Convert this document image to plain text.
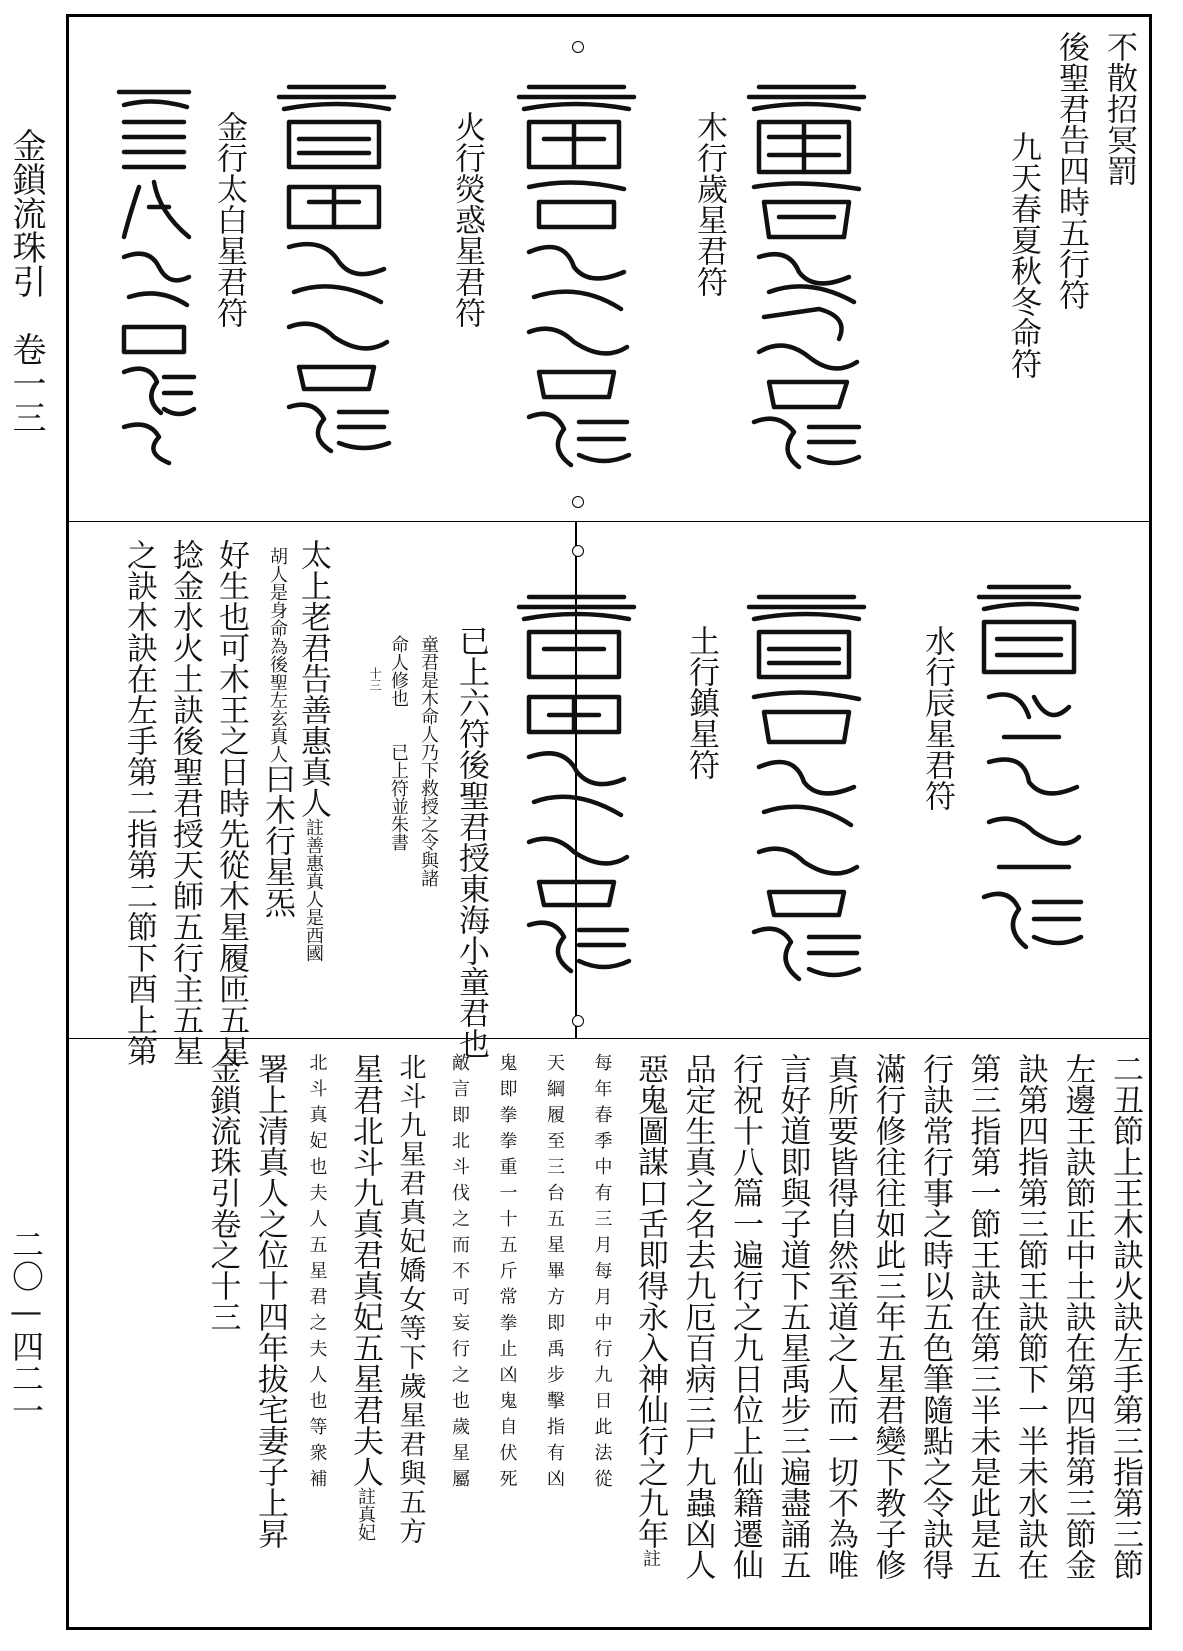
金鎖流珠引　卷一三
二〇—四二一
不散招冥罰
後聖君告四時五行符
九天春夏秋冬命符
木行歲星君符
火行熒惑星君符
金行太白星君符
水行辰星君符
土行鎮星符
已上六符後聖君授東海小童君也
童君是木命人乃下救授之令與諸
命人修也　　已上符並朱書
十三
太上老君告善惠真人註善惠真人是西國
胡人是身命為後聖左玄真人曰木行星炁
好生也可木王之日時先從木星履匝五星
捻金水火土訣後聖君授天師五行主五星
之訣木訣在左手第二指第二節下酉上第
二丑節上王木訣火訣左手第三指第三節
左邊王訣節正中土訣在第四指第三節金
訣第四指第三節王訣節下一半未水訣在
第三指第一節王訣在第三半未是此是五
行訣常行事之時以五色筆隨點之令訣得
滿行修往往如此三年五星君變下教子修
真所要皆得自然至道之人而一切不為唯
言好道即與子道下五星禹步三遍盡誦五
行祝十八篇一遍行之九日位上仙籍遷仙
品定生真之名去九厄百病三尸九蟲凶人
惡鬼圖謀口舌即得永入神仙行之九年註
每年春季中有三月每月中行九日此法從
天綱履至三台五星畢方即禹步擊指有凶
鬼即拳拳重一十五斤常拳止凶鬼自伏死
敵言即北斗伐之而不可妄行之也歲星屬
北斗九星君真妃嬌女等下歲星君與五方
星君北斗九真君真妃五星君夫人註真妃
北斗真妃也夫人五星君之夫人也等衆補
署上清真人之位十四年拔宅妻子上昇
金鎖流珠引卷之十三
